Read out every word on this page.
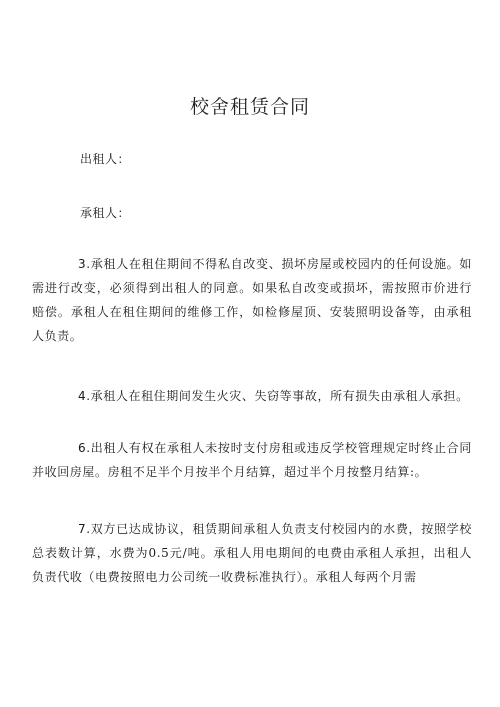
校舍租赁合同
出租人：
承租人：

3.承租人在租住期间不得私自改变、损坏房屋或校园内的任何设施。如需进行改变，必须得到出租人的同意。如果私自改变或损坏，需按照市价进行赔偿。承租人在租住期间的维修工作，如检修屋顶、安装照明设备等，由承租人负责。

4.承租人在租住期间发生火灾、失窃等事故，所有损失由承租人承担。

6.出租人有权在承租人未按时支付房租或违反学校管理规定时终止合同并收回房屋。房租不足半个月按半个月结算，超过半个月按整月结算:。

7.双方已达成协议，租赁期间承租人负责支付校园内的水费，按照学校总表数计算，水费为0.5元/吨。承租人用电期间的电费由承租人承担，出租人负责代收（电费按照电力公司统一收费标准执行）。承租人每两个月需
